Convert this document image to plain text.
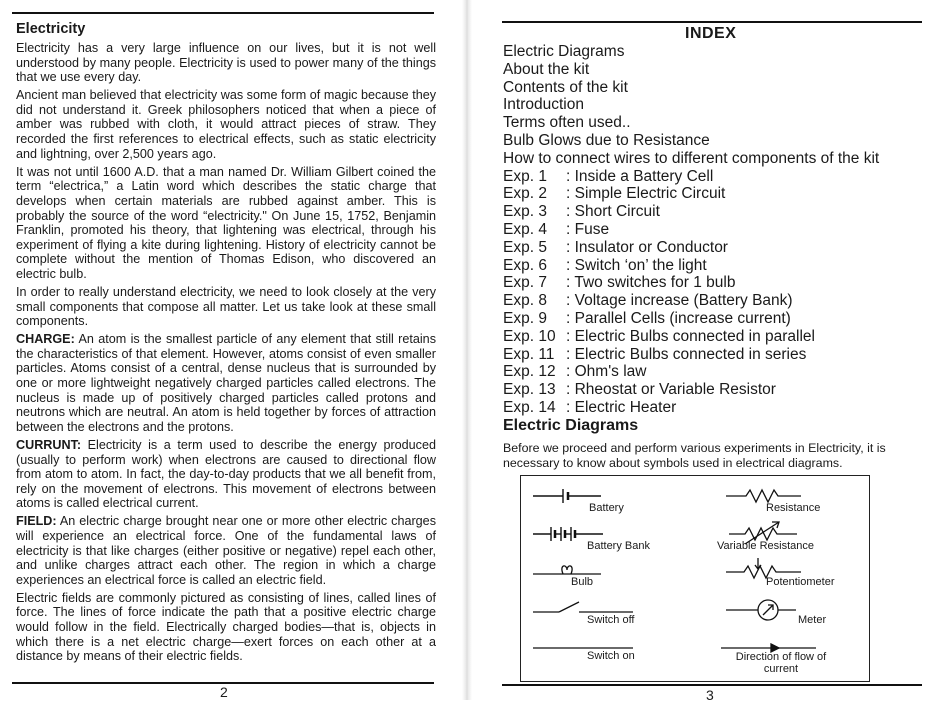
Electricity

Electricity has a very large influence on our lives, but it is not well understood by many people. Electricity is used to power many of the things that we use every day.

Ancient man believed that electricity was some form of magic because they did not understand it. Greek philosophers noticed that when a piece of amber was rubbed with cloth, it would attract pieces of straw. They recorded the first references to electrical effects, such as static electricity and lightning, over 2,500 years ago.

It was not until 1600 A.D. that a man named Dr. William Gilbert coined the term “electrica,” a Latin word which describes the static charge that develops when certain materials are rubbed against amber. This is probably the source of the word “electricity." On June 15, 1752, Benjamin Franklin, promoted his theory, that lightening was electrical, through his experiment of flying a kite during lightening. History of electricity cannot be complete without the mention of Thomas Edison, who discovered an electric bulb.

In order to really understand electricity, we need to look closely at the very small components that compose all matter. Let us take look at these small components.

CHARGE: An atom is the smallest particle of any element that still retains the characteristics of that element. However, atoms consist of even smaller particles. Atoms consist of a central, dense nucleus that is surrounded by one or more lightweight negatively charged particles called electrons. The nucleus is made up of positively charged particles called protons and neutrons which are neutral. An atom is held together by forces of attraction between the electrons and the protons.

CURRUNT: Electricity is a term used to describe the energy produced (usually to perform work) when electrons are caused to directional flow from atom to atom. In fact, the day-to-day products that we all benefit from, rely on the movement of electrons. This movement of electrons between atoms is called electrical current.

FIELD: An electric charge brought near one or more other electric charges will experience an electrical force. One of the fundamental laws of electricity is that like charges (either positive or negative) repel each other, and unlike charges attract each other. The region in which a charge experiences an electrical force is called an electric field.

Electric fields are commonly pictured as consisting of lines, called lines of force. The lines of force indicate the path that a positive electric charge would follow in the field. Electrically charged bodies—that is, objects in which there is a net electric charge—exert forces on each other at a distance by means of their electric fields.

2
INDEX
Electric Diagrams
About the kit
Contents of the kit
Introduction
Terms often used..
Bulb Glows due to Resistance
How to connect wires to different components of the kit
Exp. 1 : Inside a Battery Cell
Exp. 2 : Simple Electric Circuit
Exp. 3 : Short Circuit
Exp. 4 : Fuse
Exp. 5 : Insulator or Conductor
Exp. 6 : Switch ‘on’ the light
Exp. 7 : Two switches for 1 bulb
Exp. 8 : Voltage increase (Battery Bank)
Exp. 9 : Parallel Cells (increase current)
Exp. 10 : Electric Bulbs connected in parallel
Exp. 11 : Electric Bulbs connected in series
Exp. 12 : Ohm's law
Exp. 13 : Rheostat or Variable Resistor
Exp. 14 : Electric Heater
Electric Diagrams

Before we proceed and perform various experiments in Electricity, it is necessary to know about symbols used in electrical diagrams.

Battery	Resistance
Battery Bank	Variable Resistance
Bulb	Potentiometer
Switch off	Meter
Switch on	Direction of flow of current
3
